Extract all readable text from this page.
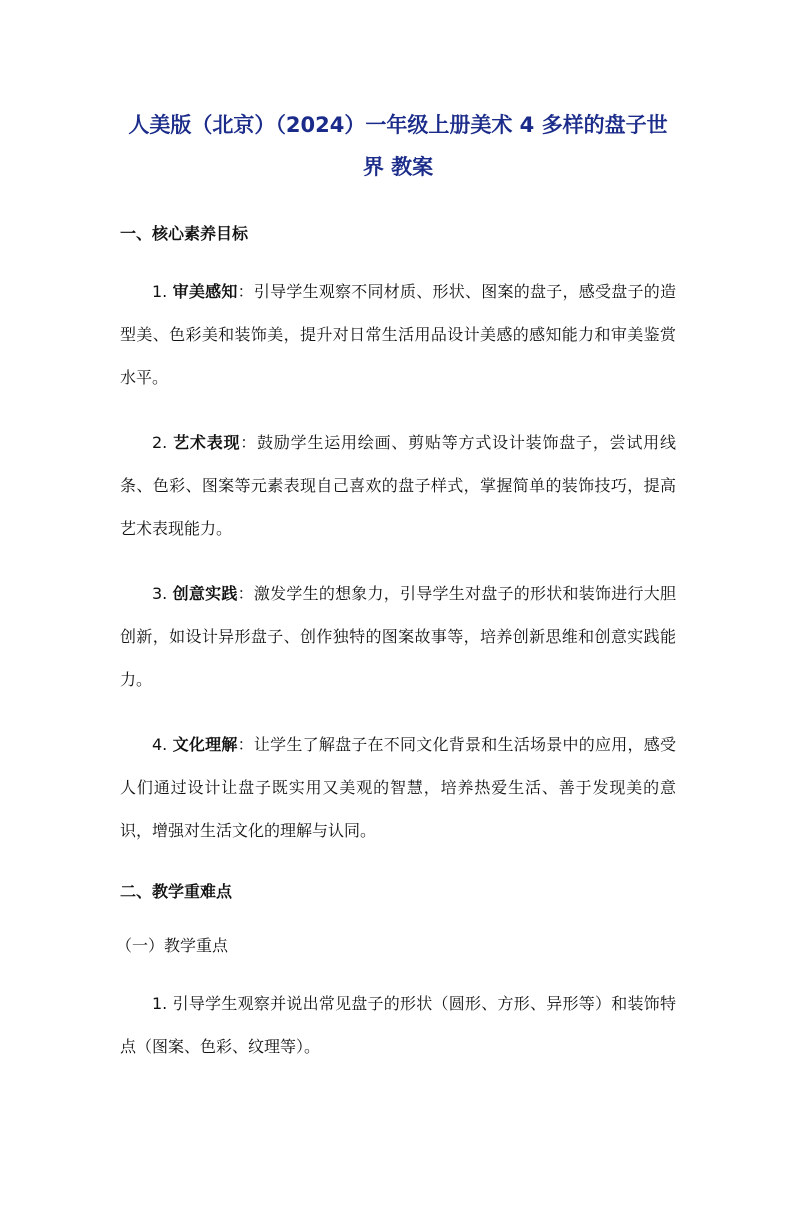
人美版（北京）（2024）一年级上册美术 4 多样的盘子世界 教案
一、核心素养目标

1. 审美感知：引导学生观察不同材质、形状、图案的盘子，感受盘子的造型美、色彩美和装饰美，提升对日常生活用品设计美感的感知能力和审美鉴赏水平。

2. 艺术表现：鼓励学生运用绘画、剪贴等方式设计装饰盘子，尝试用线条、色彩、图案等元素表现自己喜欢的盘子样式，掌握简单的装饰技巧，提高艺术表现能力。

3. 创意实践：激发学生的想象力，引导学生对盘子的形状和装饰进行大胆创新，如设计异形盘子、创作独特的图案故事等，培养创新思维和创意实践能力。

4. 文化理解：让学生了解盘子在不同文化背景和生活场景中的应用，感受人们通过设计让盘子既实用又美观的智慧，培养热爱生活、善于发现美的意识，增强对生活文化的理解与认同。

二、教学重难点
（一）教学重点

1. 引导学生观察并说出常见盘子的形状（圆形、方形、异形等）和装饰特点（图案、色彩、纹理等）。
